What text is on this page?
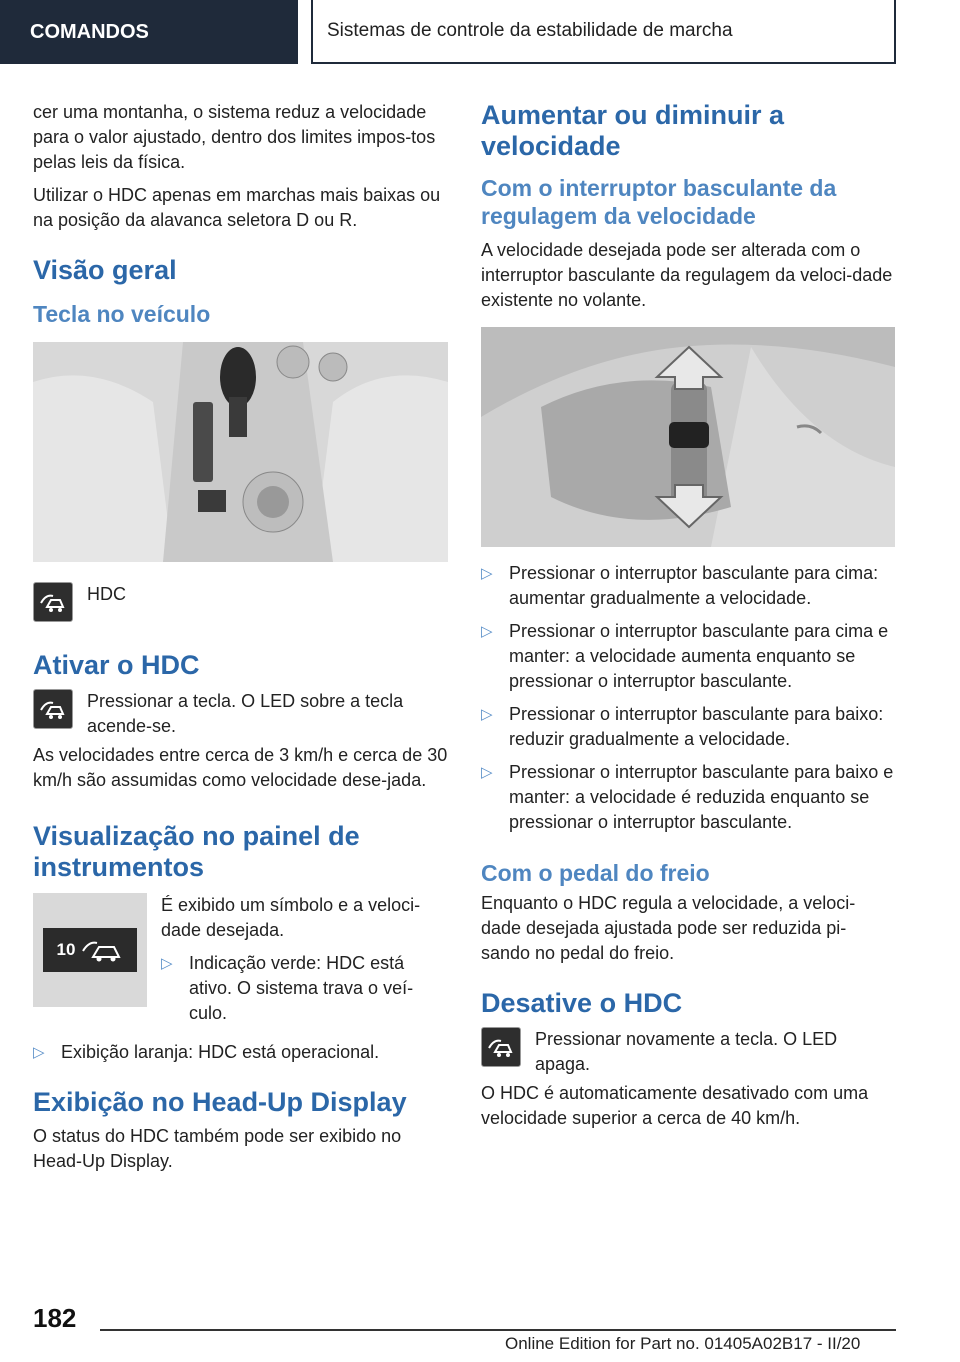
COMANDOS	Sistemas de controle da estabilidade de marcha

cer uma montanha, o sistema reduz a velocidade para o valor ajustado, dentro dos limites impos-tos pelas leis da física.

Utilizar o HDC apenas em marchas mais baixas ou na posição da alavanca seletora D ou R.

Visão geral
Tecla no veículo

HDC

Ativar o HDC

Pressionar a tecla. O LED sobre a tecla acende-se.

As velocidades entre cerca de 3 km/h e cerca de 30 km/h são assumidas como velocidade dese-jada.

Visualização no painel de instrumentos
10

É exibido um símbolo e a veloci-dade desejada.

▷ Indicação verde: HDC está ativo. O sistema trava o veí-culo.
▷ Exibição laranja: HDC está operacional.
Exibição no Head-Up Display

O status do HDC também pode ser exibido no Head-Up Display.

Aumentar ou diminuir a velocidade
Com o interruptor basculante da regulagem da velocidade

A velocidade desejada pode ser alterada com o interruptor basculante da regulagem da veloci-dade existente no volante.

▷ Pressionar o interruptor basculante para cima: aumentar gradualmente a velocidade.
▷ Pressionar o interruptor basculante para cima e manter: a velocidade aumenta enquanto se pressionar o interruptor basculante.
▷ Pressionar o interruptor basculante para baixo: reduzir gradualmente a velocidade.
▷ Pressionar o interruptor basculante para baixo e manter: a velocidade é reduzida enquanto se pressionar o interruptor basculante.
Com o pedal do freio

Enquanto o HDC regula a velocidade, a veloci-dade desejada ajustada pode ser reduzida pi-sando no pedal do freio.

Desative o HDC

Pressionar novamente a tecla. O LED apaga.

O HDC é automaticamente desativado com uma velocidade superior a cerca de 40 km/h.

182
Online Edition for Part no. 01405A02B17 - II/20
